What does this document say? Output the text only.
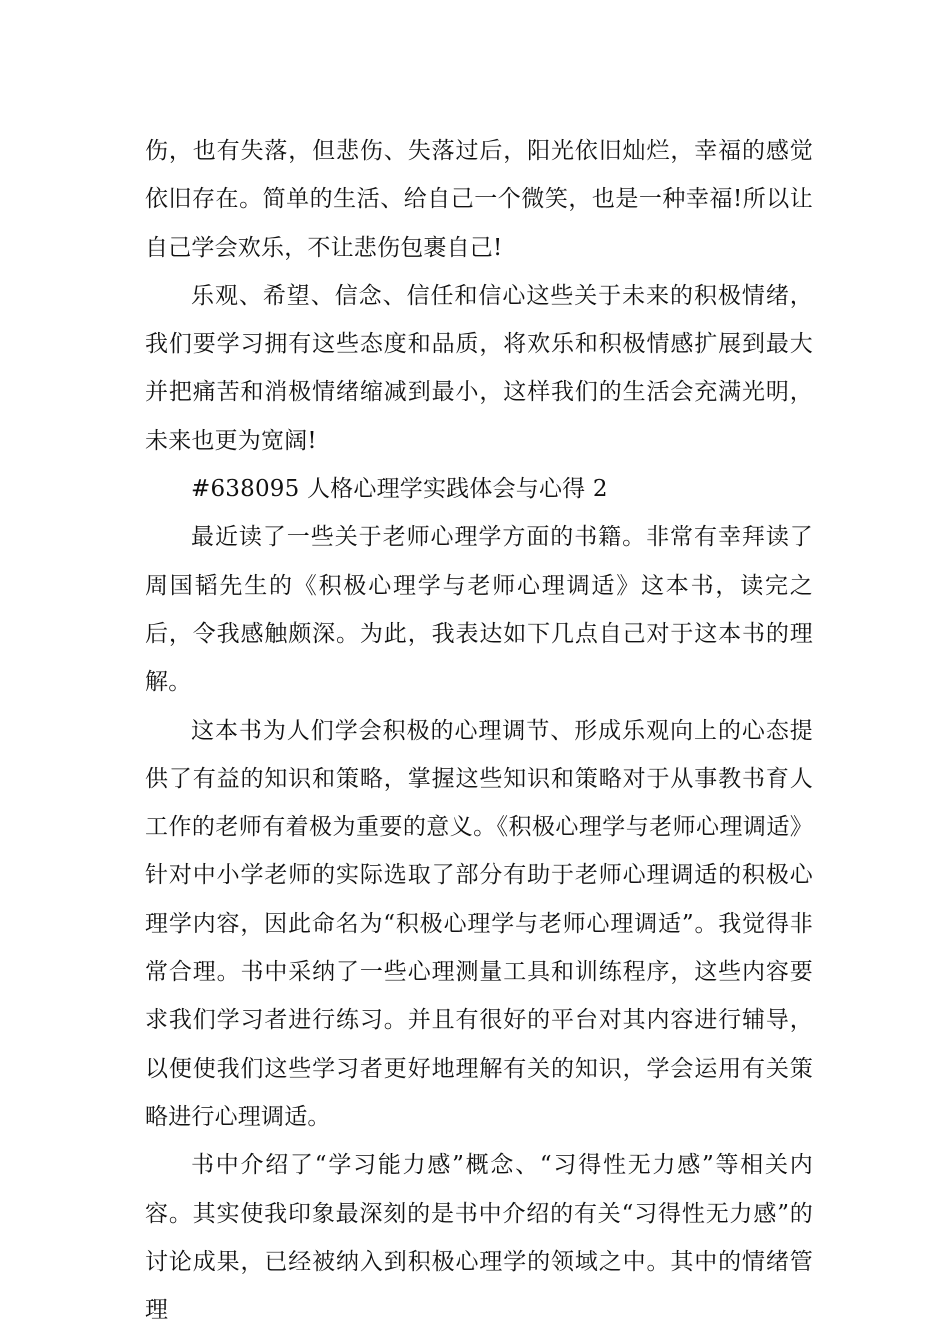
伤，也有失落，但悲伤、失落过后，阳光依旧灿烂，幸福的感觉依旧存在。简单的生活、给自己一个微笑，也是一种幸福!所以让自己学会欢乐，不让悲伤包裹自己!

乐观、希望、信念、信任和信心这些关于未来的积极情绪，我们要学习拥有这些态度和品质，将欢乐和积极情感扩展到最大并把痛苦和消极情绪缩减到最小，这样我们的生活会充满光明，未来也更为宽阔!

#638095 人格心理学实践体会与心得 2

最近读了一些关于老师心理学方面的书籍。非常有幸拜读了周国韬先生的《积极心理学与老师心理调适》这本书，读完之后，令我感触颇深。为此，我表达如下几点自己对于这本书的理解。

这本书为人们学会积极的心理调节、形成乐观向上的心态提供了有益的知识和策略，掌握这些知识和策略对于从事教书育人工作的老师有着极为重要的意义。《积极心理学与老师心理调适》针对中小学老师的实际选取了部分有助于老师心理调适的积极心理学内容，因此命名为“积极心理学与老师心理调适”。我觉得非常合理。书中采纳了一些心理测量工具和训练程序，这些内容要求我们学习者进行练习。并且有很好的平台对其内容进行辅导，以便使我们这些学习者更好地理解有关的知识，学会运用有关策略进行心理调适。

书中介绍了“学习能力感”概念、“习得性无力感”等相关内容。其实使我印象最深刻的是书中介绍的有关“习得性无力感”的讨论成果，已经被纳入到积极心理学的领域之中。其中的情绪管理
